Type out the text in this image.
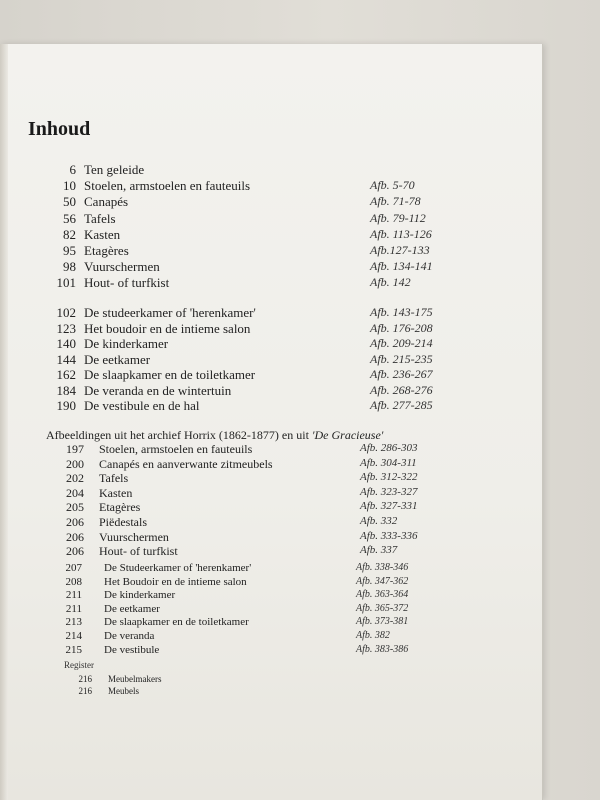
Inhoud
6 Ten geleide
10 Stoelen, armstoelen en fauteuils	Afb. 5-70
50 Canapés	Afb. 71-78
56 Tafels	Afb. 79-112
82 Kasten	Afb. 113-126
95 Etagères	Afb.127-133
98 Vuurschermen	Afb. 134-141
101 Hout- of turfkist	Afb. 142
102 De studeerkamer of 'herenkamer'	Afb. 143-175
123 Het boudoir en de intieme salon	Afb. 176-208
140 De kinderkamer	Afb. 209-214
144 De eetkamer	Afb. 215-235
162 De slaapkamer en de toiletkamer	Afb. 236-267
184 De veranda en de wintertuin	Afb. 268-276
190 De vestibule en de hal	Afb. 277-285
Afbeeldingen uit het archief Horrix (1862-1877) en uit 'De Gracieuse'
197 Stoelen, armstoelen en fauteuils	Afb. 286-303
200 Canapés en aanverwante zitmeubels	Afb. 304-311
202 Tafels	Afb. 312-322
204 Kasten	Afb. 323-327
205 Etagères	Afb. 327-331
206 Piëdestals	Afb. 332
206 Vuurschermen	Afb. 333-336
206 Hout- of turfkist	Afb. 337
207 De Studeerkamer of 'herenkamer'	Afb. 338-346
208 Het Boudoir en de intieme salon	Afb. 347-362
211 De kinderkamer	Afb. 363-364
211 De eetkamer	Afb. 365-372
213 De slaapkamer en de toiletkamer	Afb. 373-381
214 De veranda	Afb. 382
215 De vestibule	Afb. 383-386
Register
216 Meubelmakers
216 Meubels
